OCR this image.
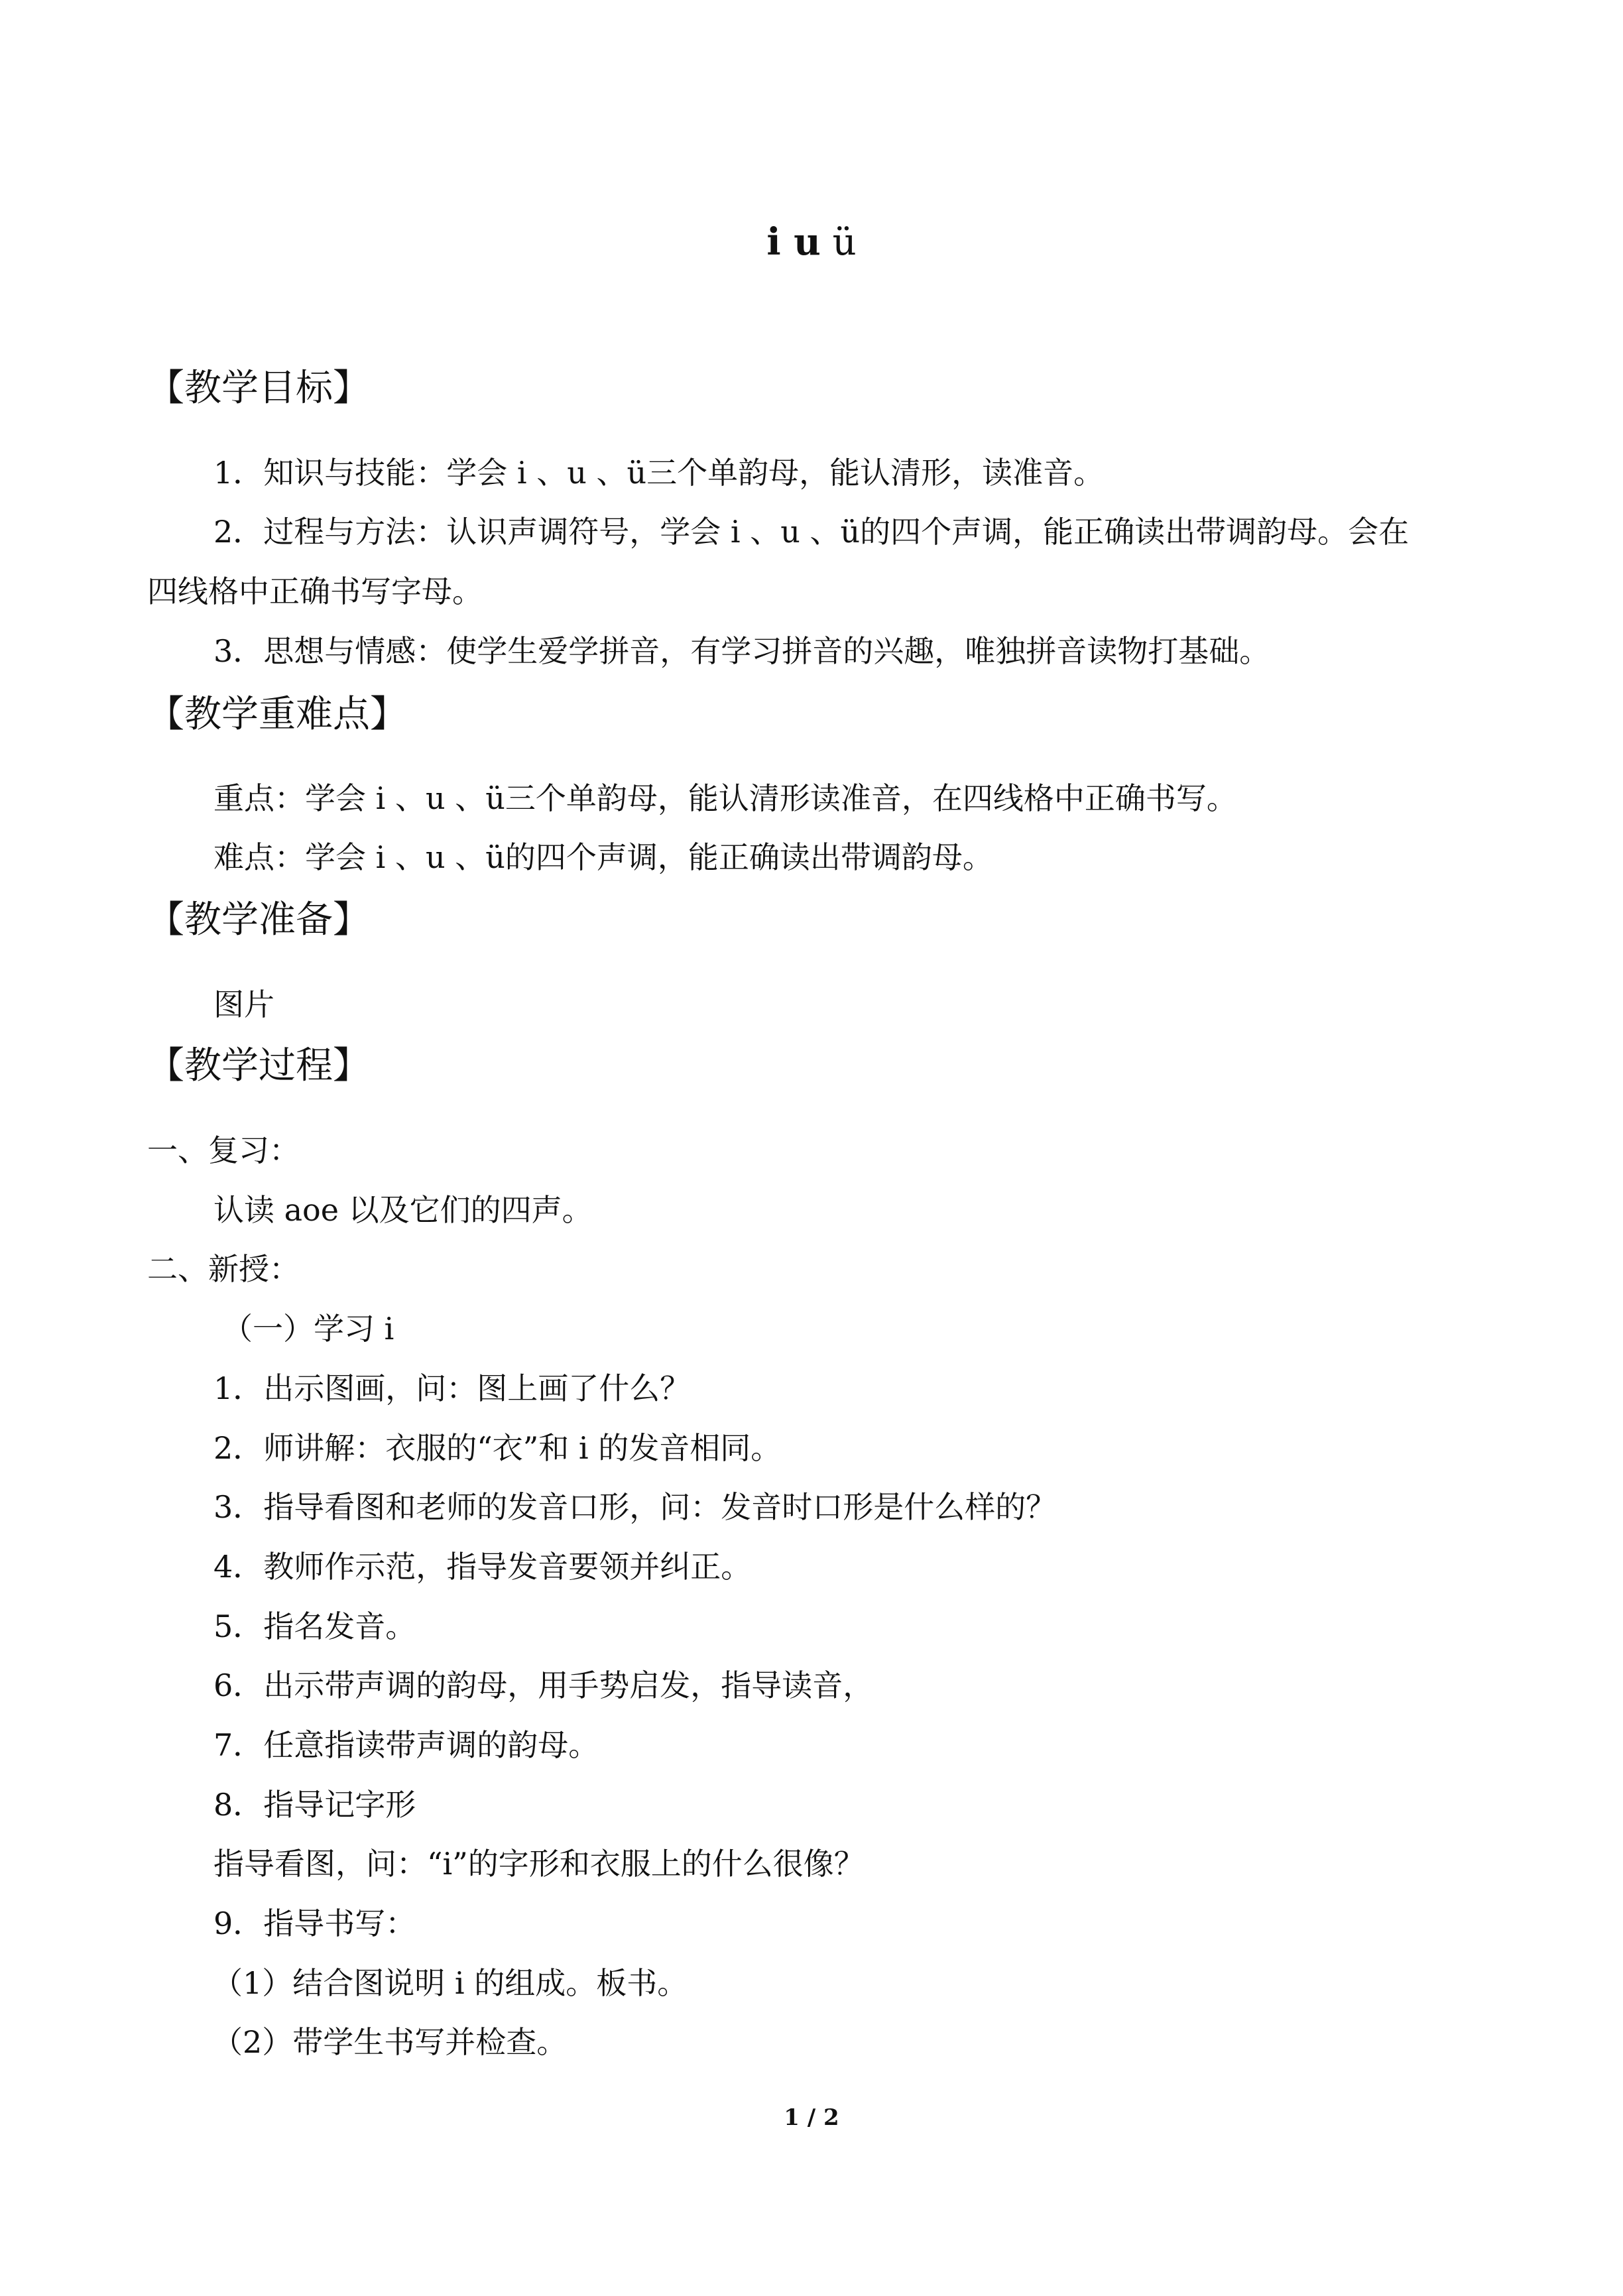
i u ü
【教学目标】
1．知识与技能：学会 i 、u 、ü三个单韵母，能认清形，读准音。
2．过程与方法：认识声调符号，学会 i 、u 、ü的四个声调，能正确读出带调韵母。会在
四线格中正确书写字母。
3．思想与情感：使学生爱学拼音，有学习拼音的兴趣，唯独拼音读物打基础。
【教学重难点】
重点：学会 i 、u 、ü三个单韵母，能认清形读准音，在四线格中正确书写。
难点：学会 i 、u 、ü的四个声调，能正确读出带调韵母。
【教学准备】
图片
【教学过程】
一、复习：
认读 aoe 以及它们的四声。
二、新授：
（一）学习 i
1．出示图画，问：图上画了什么？
2．师讲解：衣服的“衣”和 i 的发音相同。
3．指导看图和老师的发音口形，问：发音时口形是什么样的？
4．教师作示范，指导发音要领并纠正。
5．指名发音。
6．出示带声调的韵母，用手势启发，指导读音，
7．任意指读带声调的韵母。
8．指导记字形
指导看图，问：“i”的字形和衣服上的什么很像？
9．指导书写：
（1）结合图说明 i 的组成。板书。
（2）带学生书写并检查。
1 / 2
